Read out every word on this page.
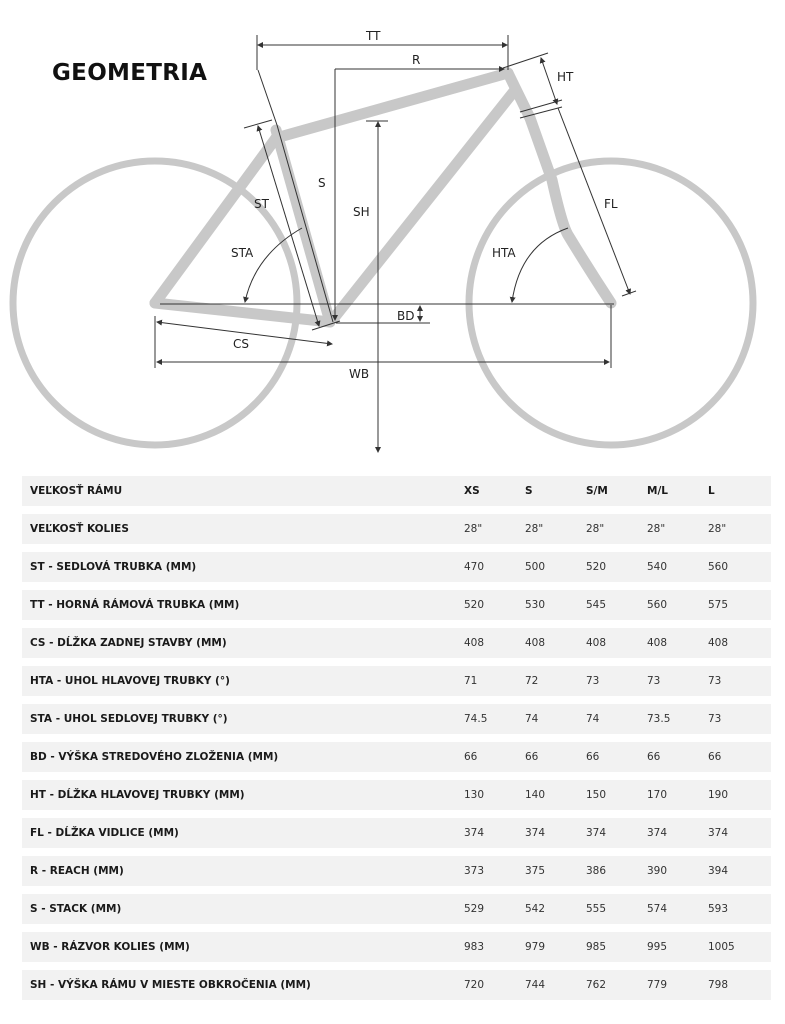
GEOMETRIA
TT
R
HT
S
SH
ST
STA	HTA
FL
BD
CS
WB
VEĽKOSŤ RÁMU	XS	S	S/M	M/L	L
VEĽKOSŤ KOLIES	28"	28"	28"	28"	28"
ST - SEDLOVÁ TRUBKA (MM)	470	500	520	540	560
TT - HORNÁ RÁMOVÁ TRUBKA (MM)	520	530	545	560	575
CS - DĹŽKA ZADNEJ STAVBY (MM)	408	408	408	408	408
HTA - UHOL HLAVOVEJ TRUBKY (°)	71	72	73	73	73
STA - UHOL SEDLOVEJ TRUBKY (°)	74.5	74	74	73.5	73
BD - VÝŠKA STREDOVÉHO ZLOŽENIA (MM)	66	66	66	66	66
HT - DĹŽKA HLAVOVEJ TRUBKY (MM)	130	140	150	170	190
FL - DĹŽKA VIDLICE (MM)	374	374	374	374	374
R - REACH (MM)	373	375	386	390	394
S - STACK (MM)	529	542	555	574	593
WB - RÁZVOR KOLIES (MM)	983	979	985	995	1005
SH - VÝŠKA RÁMU V MIESTE OBKROČENIA (MM)	720	744	762	779	798
